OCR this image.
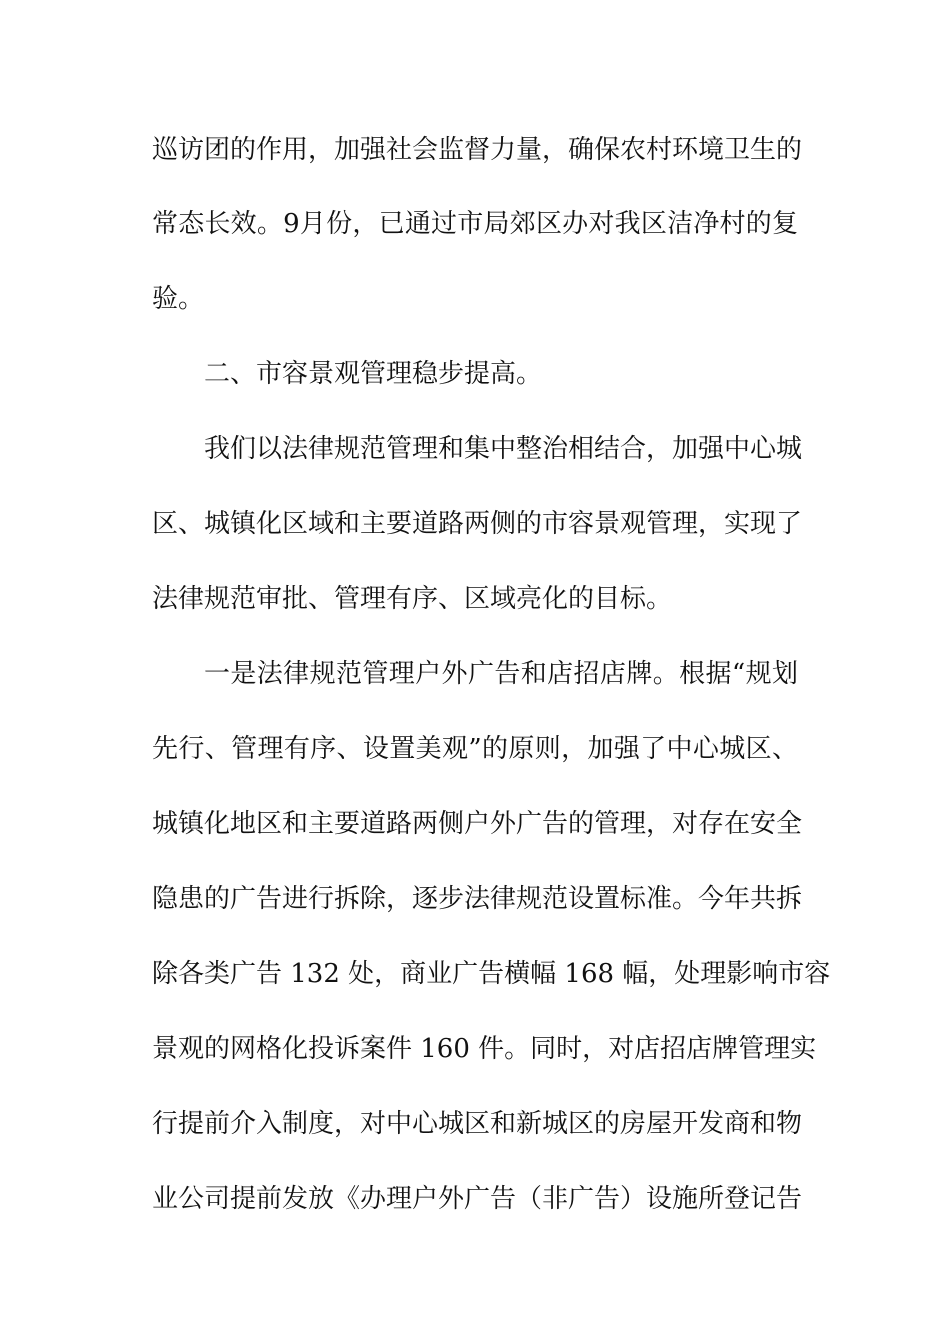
巡访团的作用，加强社会监督力量，确保农村环境卫生的
常态长效。9月份，已通过市局郊区办对我区洁净村的复
验。
二、市容景观管理稳步提高。
我们以法律规范管理和集中整治相结合，加强中心城
区、城镇化区域和主要道路两侧的市容景观管理，实现了
法律规范审批、管理有序、区域亮化的目标。
一是法律规范管理户外广告和店招店牌。根据“规划
先行、管理有序、设置美观”的原则，加强了中心城区、
城镇化地区和主要道路两侧户外广告的管理，对存在安全
隐患的广告进行拆除，逐步法律规范设置标准。今年共拆
除各类广告 132 处，商业广告横幅 168 幅，处理影响市容
景观的网格化投诉案件 160 件。同时，对店招店牌管理实
行提前介入制度，对中心城区和新城区的房屋开发商和物
业公司提前发放《办理户外广告（非广告）设施所登记告
